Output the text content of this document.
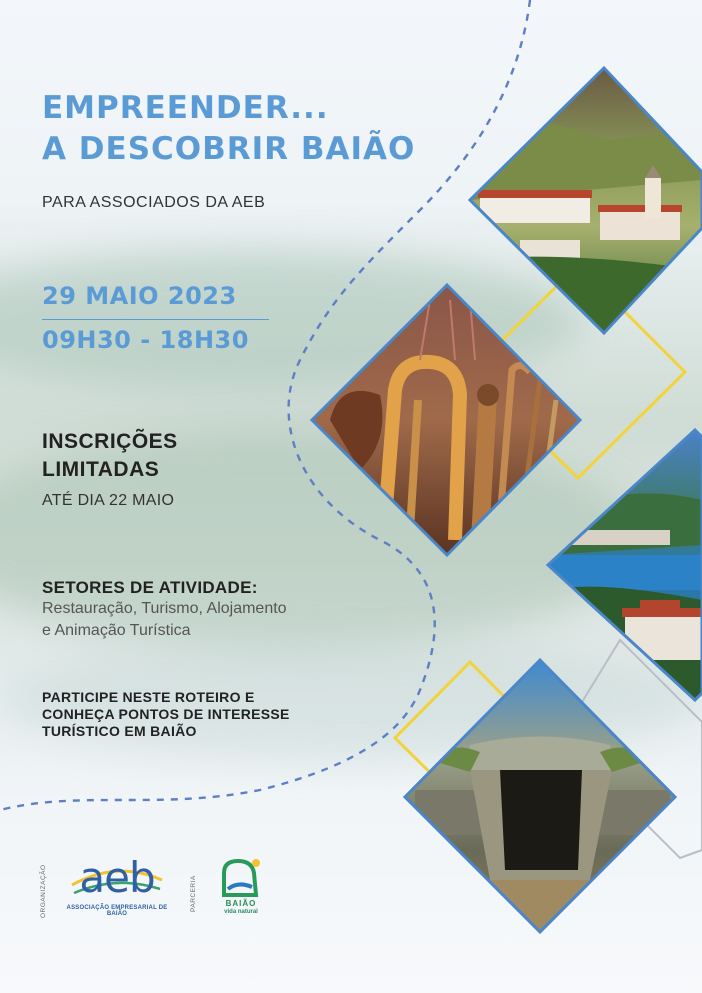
EMPREENDER...
A DESCOBRIR BAIÃO
PARA ASSOCIADOS DA AEB
29 MAIO 2023
09H30 - 18H30
INSCRIÇÕES
LIMITADAS
ATÉ DIA 22 MAIO
SETORES DE ATIVIDADE:
Restauração, Turismo, Alojamento
e Animação Turística
PARTICIPE NESTE ROTEIRO E
CONHEÇA PONTOS DE INTERESSE
TURÍSTICO EM BAIÃO
ORGANIZAÇÃO aeb
ASSOCIAÇÃO EMPRESARIAL DE BAIÃO
PARCERIA	BAIÃO
vida natural
